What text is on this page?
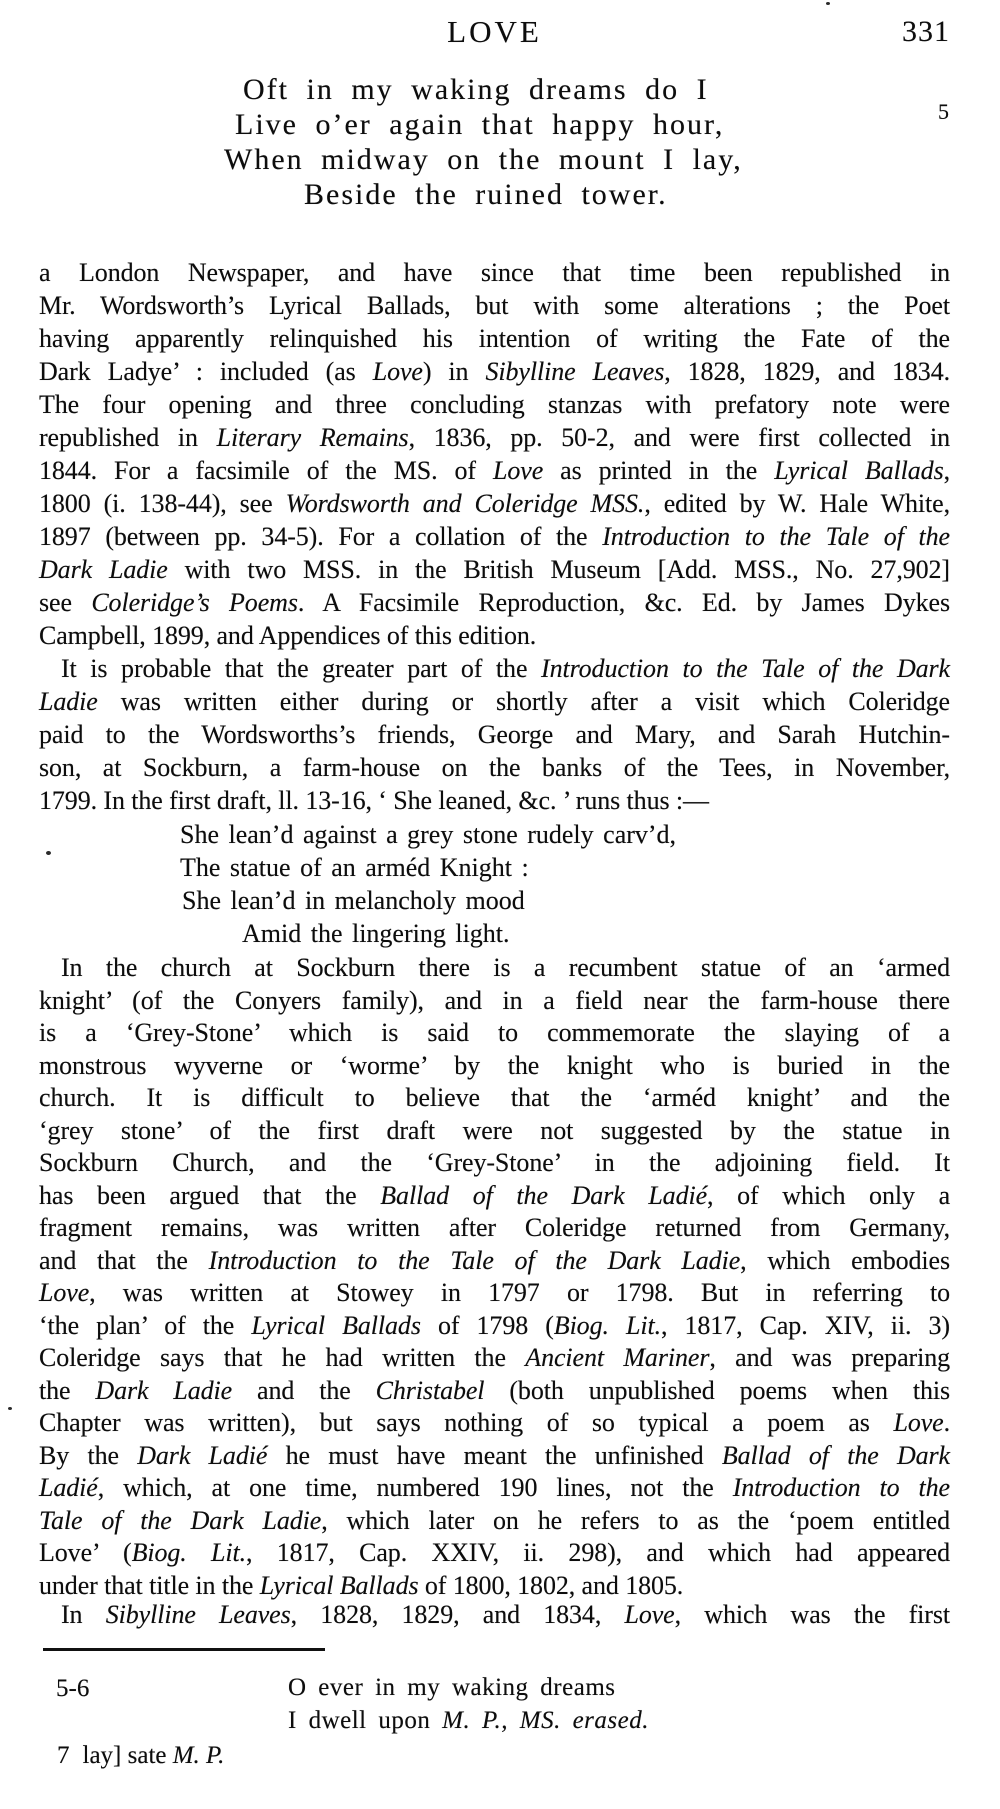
LOVE	331
Oft in my waking dreams do I
Live o’er again that happy hour,
When midway on the mount I lay,
Beside the ruined tower.
5
a London Newspaper, and have since that time been republished in
Mr. Wordsworth’s Lyrical Ballads, but with some alterations ; the Poet
having apparently relinquished his intention of writing the Fate of the
Dark Ladye’ : included (as Love) in Sibylline Leaves, 1828, 1829, and 1834.
The four opening and three concluding stanzas with prefatory note were
republished in Literary Remains, 1836, pp. 50-2, and were first collected in
1844. For a facsimile of the MS. of Love as printed in the Lyrical Ballads,
1800 (i. 138-44), see Wordsworth and Coleridge MSS., edited by W. Hale White,
1897 (between pp. 34-5). For a collation of the Introduction to the Tale of the
Dark Ladie with two MSS. in the British Museum [Add. MSS., No. 27,902]
see Coleridge’s Poems. A Facsimile Reproduction, &c. Ed. by James Dykes
Campbell, 1899, and Appendices of this edition.
It is probable that the greater part of the Introduction to the Tale of the Dark
Ladie was written either during or shortly after a visit which Coleridge
paid to the Wordsworths’s friends, George and Mary, and Sarah Hutchin-
son, at Sockburn, a farm-house on the banks of the Tees, in November,
1799. In the first draft, ll. 13-16, ‘ She leaned, &c. ’ runs thus :—
She lean’d against a grey stone rudely carv’d,
The statue of an arméd Knight :
She lean’d in melancholy mood
Amid the lingering light.
In the church at Sockburn there is a recumbent statue of an ‘armed
knight’ (of the Conyers family), and in a field near the farm-house there
is a ‘Grey-Stone’ which is said to commemorate the slaying of a
monstrous wyverne or ‘worme’ by the knight who is buried in the
church. It is difficult to believe that the ‘arméd knight’ and the
‘grey stone’ of the first draft were not suggested by the statue in
Sockburn Church, and the ‘Grey-Stone’ in the adjoining field. It
has been argued that the Ballad of the Dark Ladié, of which only a
fragment remains, was written after Coleridge returned from Germany,
and that the Introduction to the Tale of the Dark Ladie, which embodies
Love, was written at Stowey in 1797 or 1798. But in referring to
‘the plan’ of the Lyrical Ballads of 1798 (Biog. Lit., 1817, Cap. XIV, ii. 3)
Coleridge says that he had written the Ancient Mariner, and was preparing
the Dark Ladie and the Christabel (both unpublished poems when this
Chapter was written), but says nothing of so typical a poem as Love.
By the Dark Ladié he must have meant the unfinished Ballad of the Dark
Ladié, which, at one time, numbered 190 lines, not the Introduction to the
Tale of the Dark Ladie, which later on he refers to as the ‘poem entitled
Love’ (Biog. Lit., 1817, Cap. XXIV, ii. 298), and which had appeared
under that title in the Lyrical Ballads of 1800, 1802, and 1805.
In Sibylline Leaves, 1828, 1829, and 1834, Love, which was the first
5-6	O ever in my waking dreams
I dwell upon M. P., MS. erased.
7 lay] sate M. P.
